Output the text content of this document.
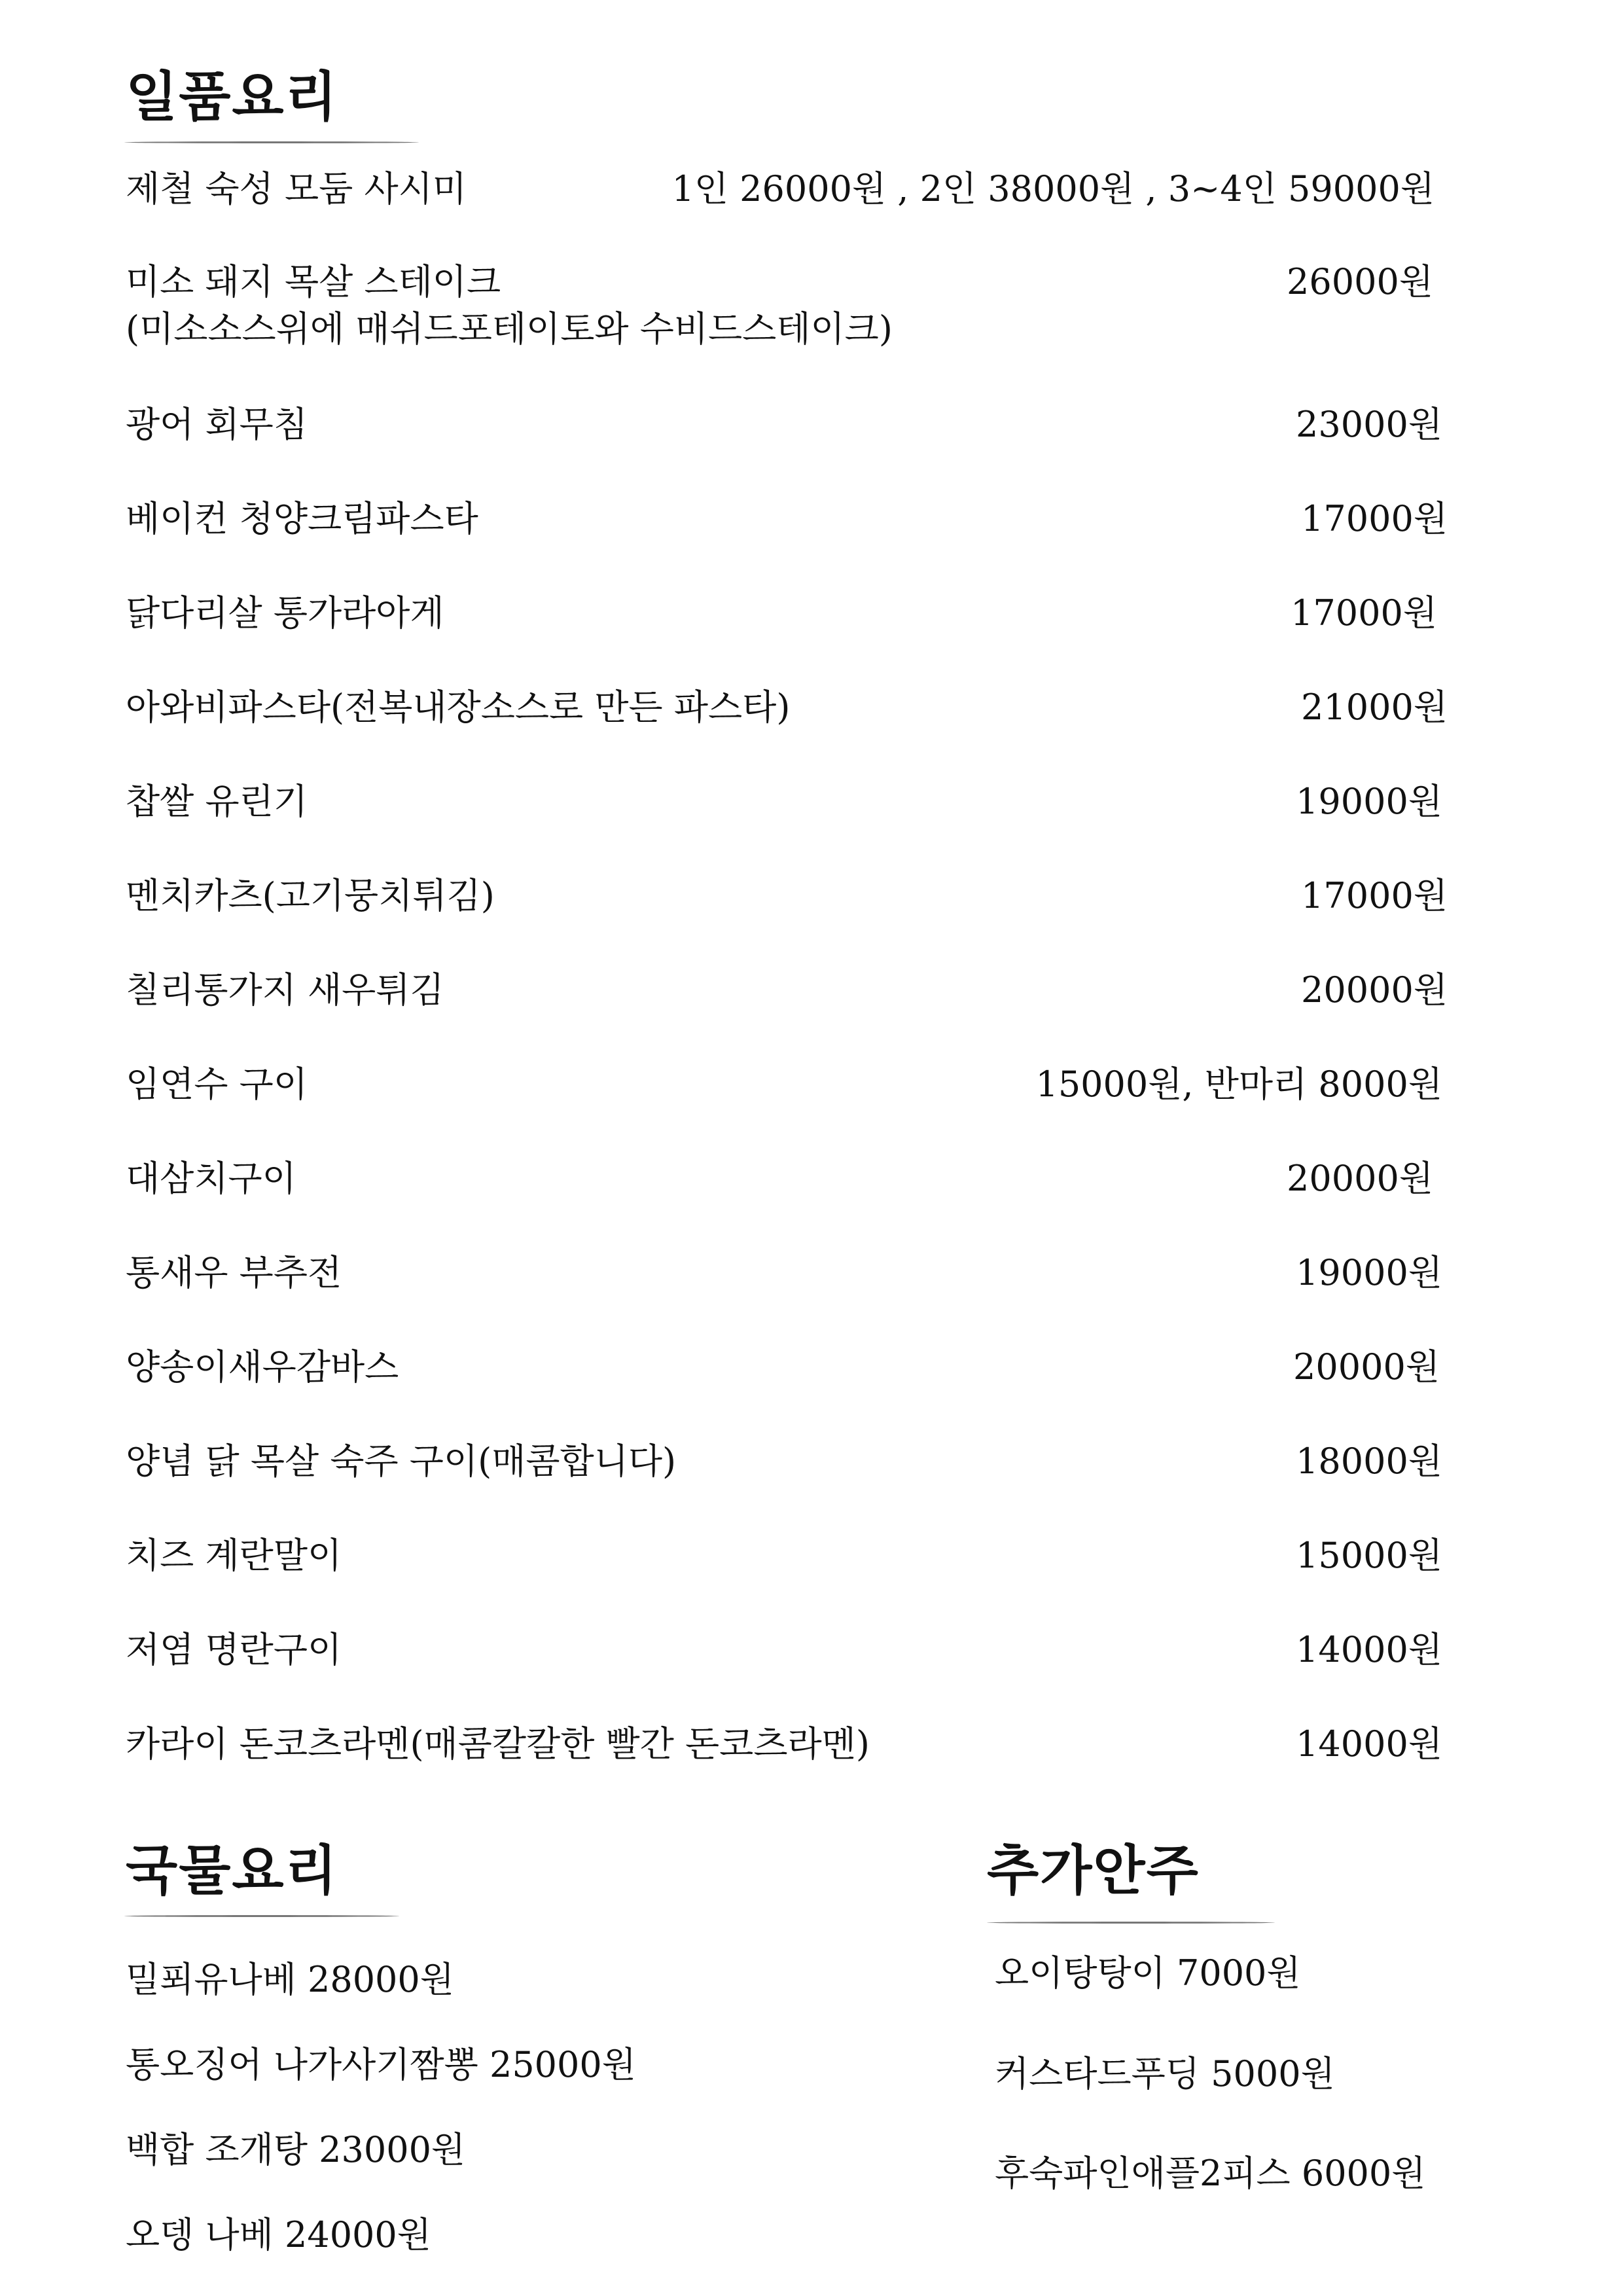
일품요리
제철 숙성 모둠 사시미	1인 26000원 , 2인 38000원 , 3~4인 59000원
미소 돼지 목살 스테이크	26000원
(미소소스위에 매쉬드포테이토와 수비드스테이크)
광어 회무침	23000원
베이컨 청양크림파스타	17000원
닭다리살 통가라아게	17000원
아와비파스타(전복내장소스로 만든 파스타)	21000원
찹쌀 유린기	19000원
멘치카츠(고기뭉치튀김)	17000원
칠리통가지 새우튀김	20000원
임연수 구이	15000원, 반마리 8000원
대삼치구이	20000원
통새우 부추전	19000원
양송이새우감바스	20000원
양념 닭 목살 숙주 구이(매콤합니다)	18000원
치즈 계란말이	15000원
저염 명란구이	14000원
카라이 돈코츠라멘(매콤칼칼한 빨간 돈코츠라멘)	14000원
국물요리
밀푀유나베 28000원
통오징어 나가사기짬뽕 25000원
백합 조개탕 23000원
오뎅 나베 24000원
추가안주
오이탕탕이 7000원
커스타드푸딩 5000원
후숙파인애플2피스 6000원
